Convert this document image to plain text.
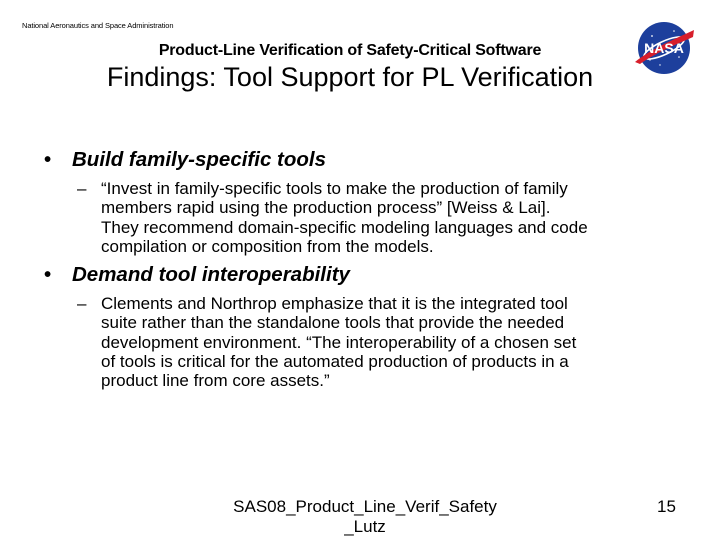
National Aeronautics and Space Administration
NASA
Product-Line Verification of Safety-Critical Software
Findings: Tool Support for PL Verification
• Build family-specific tools
– “Invest in family-specific tools to make the production of family
members rapid using the production process” [Weiss & Lai].
They recommend domain-specific modeling languages and code
compilation or composition from the models.
• Demand tool interoperability
– Clements and Northrop emphasize that it is the integrated tool
suite rather than the standalone tools that provide the needed
development environment. “The interoperability of a chosen set
of tools is critical for the automated production of products in a
product line from core assets.”
SAS08_Product_Line_Verif_Safety
_Lutz
15
